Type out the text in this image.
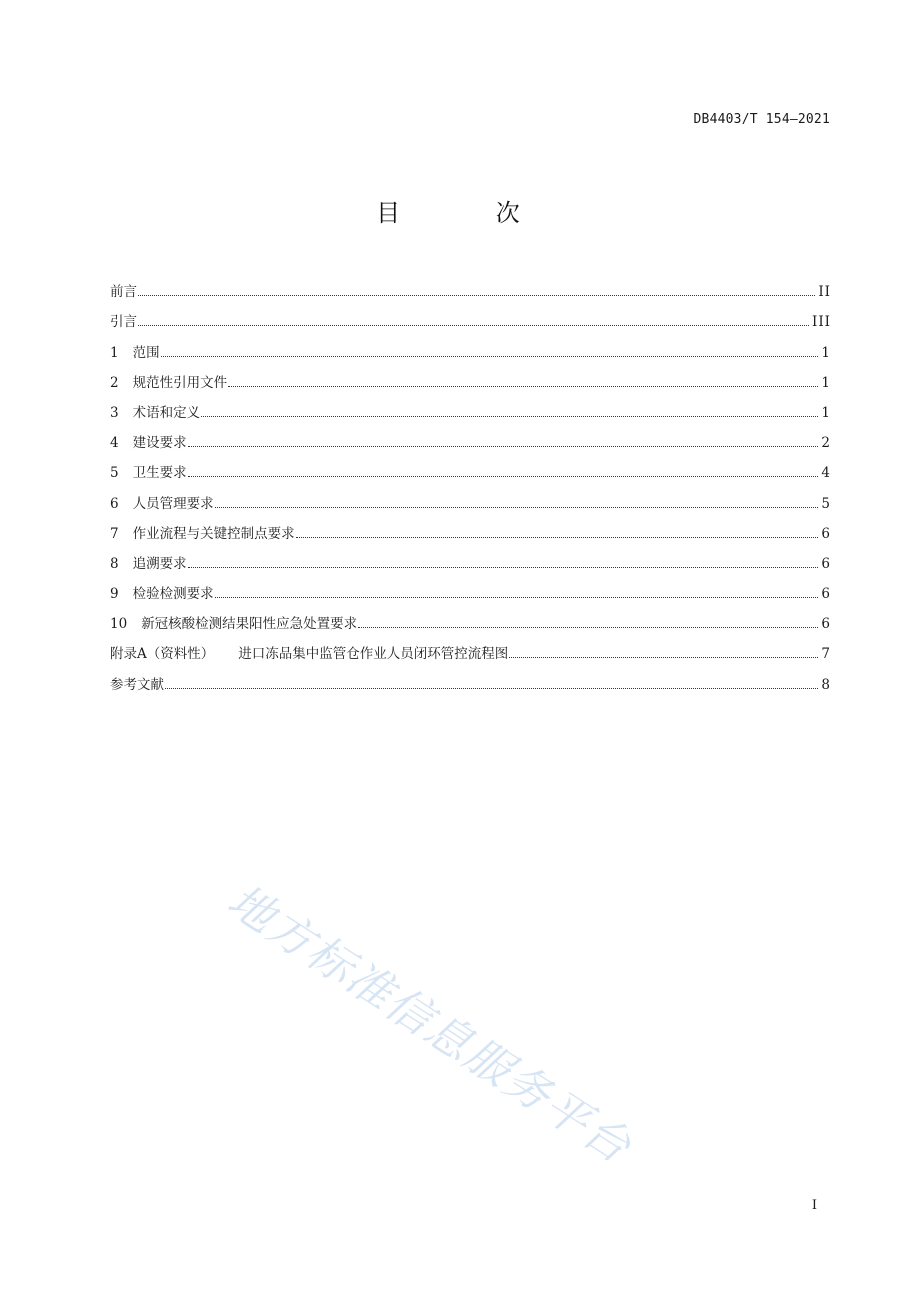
DB4403/T 154—2021
目 次
前言	II
引言	III
1 范围	1
2 规范性引用文件	1
3 术语和定义	1
4 建设要求	2
5 卫生要求	4
6 人员管理要求	5
7 作业流程与关键控制点要求	6
8 追溯要求	6
9 检验检测要求	6
10 新冠核酸检测结果阳性应急处置要求	6
附录A（资料性） 进口冻品集中监管仓作业人员闭环管控流程图	7
参考文献	8
地方标准信息服务平台
I
